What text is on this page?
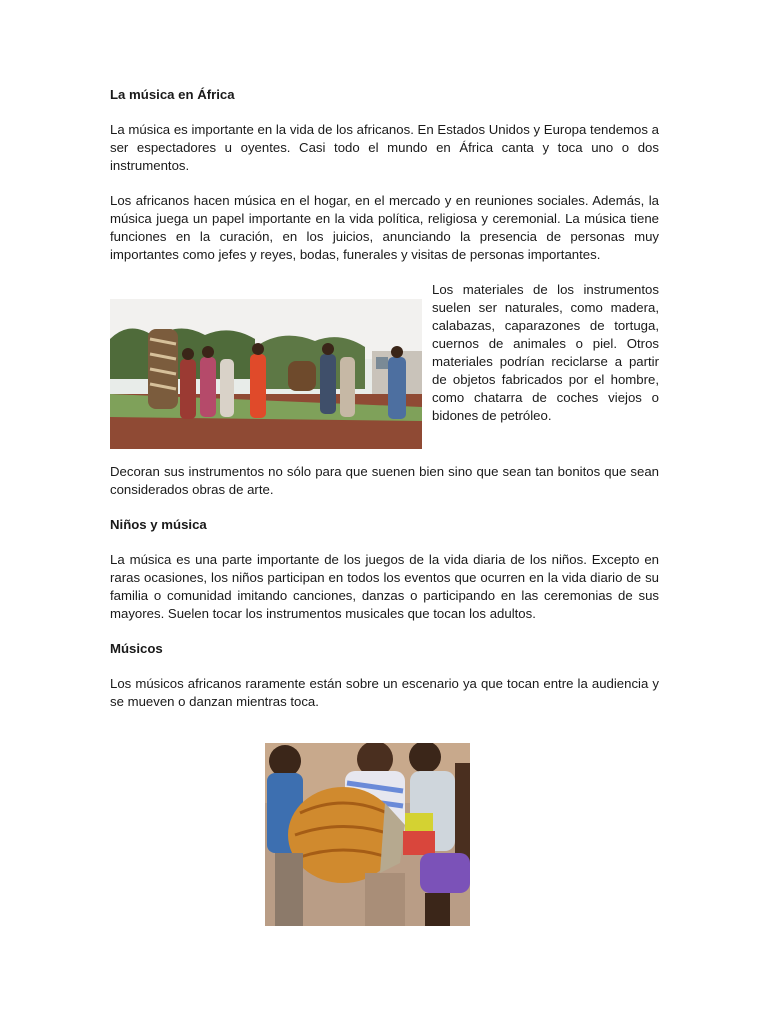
La música en África

La música es importante en la vida de los africanos. En Estados Unidos y Europa tendemos a ser espectadores u oyentes. Casi todo el mundo en África canta y toca uno o dos instrumentos.

Los africanos hacen música en el hogar, en el mercado y en reuniones sociales. Además, la música juega un papel importante en la vida política, religiosa y ceremonial. La música tiene funciones en la curación, en los juicios, anunciando la presencia de personas muy importantes como jefes y reyes, bodas, funerales y visitas de personas importantes.

Los materiales de los instrumentos suelen ser naturales, como madera, calabazas, caparazones de tortuga, cuernos de animales o piel. Otros materiales podrían reciclarse a partir de objetos fabricados por el hombre, como chatarra de coches viejos o bidones de petróleo.

Decoran sus instrumentos no sólo para que suenen bien sino que sean tan bonitos que sean considerados obras de arte.

Niños y música

La música es una parte importante de los juegos de la vida diaria de los niños. Excepto en raras ocasiones, los niños participan en todos los eventos que ocurren en la vida diario de su familia o comunidad imitando canciones, danzas o participando en las ceremonias de sus mayores. Suelen tocar los instrumentos musicales que tocan los adultos.

Músicos

Los músicos africanos raramente están sobre un escenario ya que tocan entre la audiencia y se mueven o danzan mientras toca.
